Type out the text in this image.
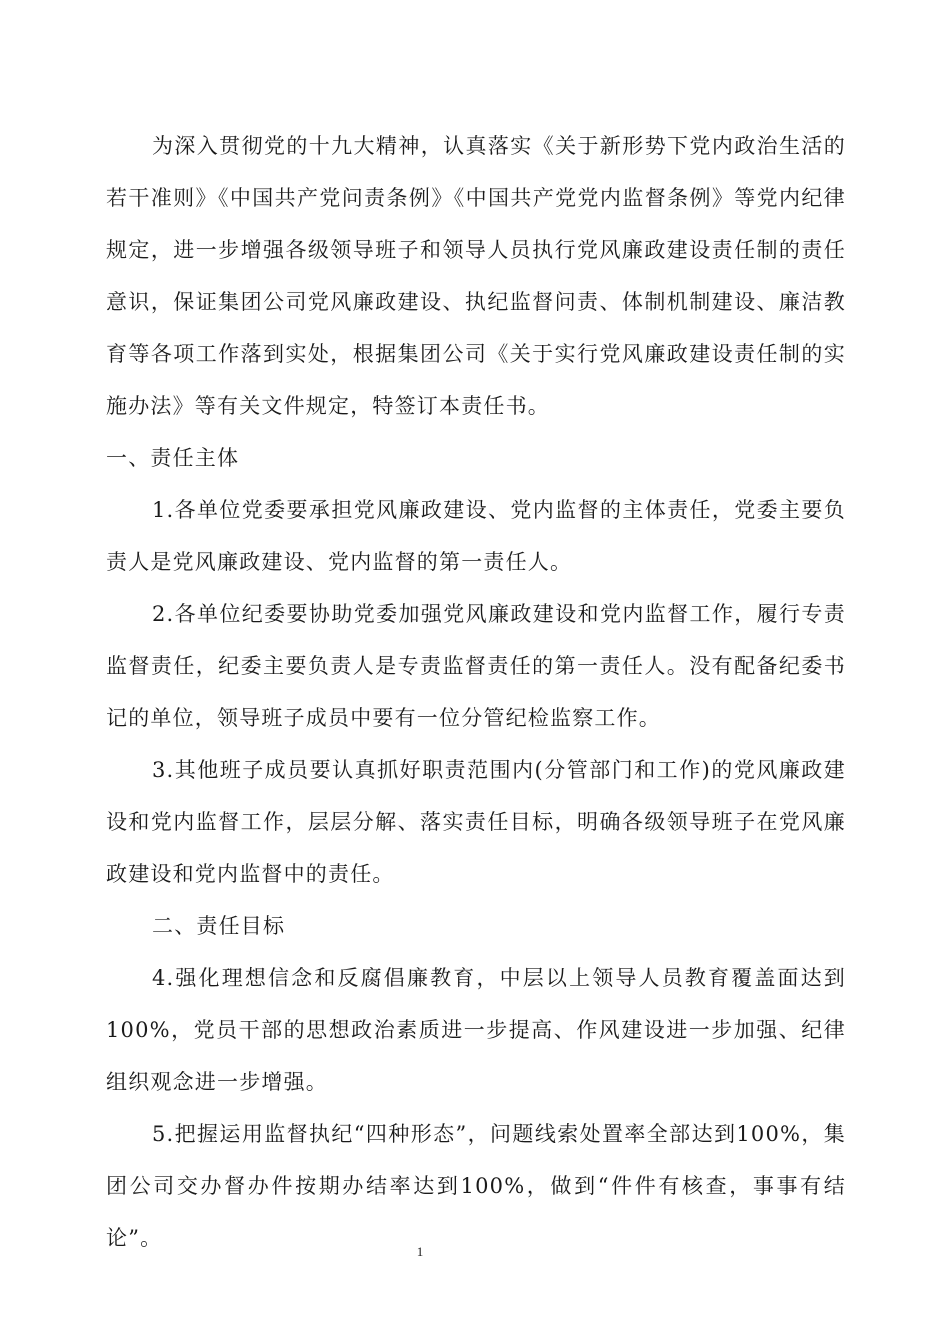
为深入贯彻党的十九大精神，认真落实《关于新形势下党内政治生活的若干准则》《中国共产党问责条例》《中国共产党党内监督条例》等党内纪律规定，进一步增强各级领导班子和领导人员执行党风廉政建设责任制的责任意识，保证集团公司党风廉政建设、执纪监督问责、体制机制建设、廉洁教育等各项工作落到实处，根据集团公司《关于实行党风廉政建设责任制的实施办法》等有关文件规定，特签订本责任书。

一、责任主体

1.各单位党委要承担党风廉政建设、党内监督的主体责任，党委主要负责人是党风廉政建设、党内监督的第一责任人。

2.各单位纪委要协助党委加强党风廉政建设和党内监督工作，履行专责监督责任，纪委主要负责人是专责监督责任的第一责任人。没有配备纪委书记的单位，领导班子成员中要有一位分管纪检监察工作。

3.其他班子成员要认真抓好职责范围内(分管部门和工作)的党风廉政建设和党内监督工作，层层分解、落实责任目标，明确各级领导班子在党风廉政建设和党内监督中的责任。

二、责任目标

4.强化理想信念和反腐倡廉教育，中层以上领导人员教育覆盖面达到100%，党员干部的思想政治素质进一步提高、作风建设进一步加强、纪律组织观念进一步增强。

5.把握运用监督执纪“四种形态”，问题线索处置率全部达到100%，集团公司交办督办件按期办结率达到100%，做到“件件有核查，事事有结论”。

1
